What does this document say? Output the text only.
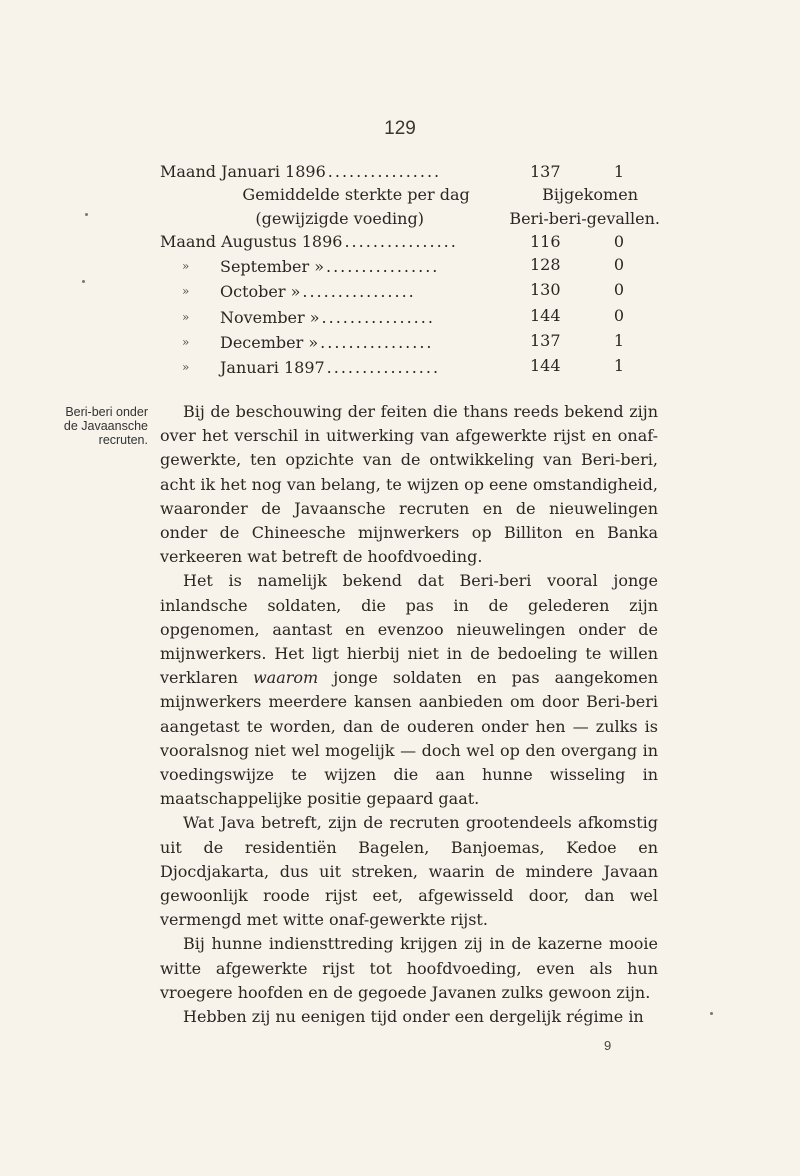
129
Maand Januari 1896 ................	137	1
Gemiddelde sterkte per dag	Bijgekomen
(gewijzigde voeding)	Beri-beri-gevallen.
Maand Augustus 1896 ................	116	0
»	September » ................	128	0
»	October » ................	130	0
»	November » ................	144	0
»	December » ................	137	1
»	Januari 1897 ................	144	1
Beri-beri onder
de Javaansche
recruten.

Bij de beschouwing der feiten die thans reeds bekend zijn over het verschil in uitwerking van afgewerkte rijst en onaf-gewerkte, ten opzichte van de ontwikkeling van Beri-beri, acht ik het nog van belang, te wijzen op eene omstandigheid, waaronder de Javaansche recruten en de nieuwelingen onder de Chineesche mijnwerkers op Billiton en Banka verkeeren wat betreft de hoofdvoeding.

Het is namelijk bekend dat Beri-beri vooral jonge inlandsche soldaten, die pas in de gelederen zijn opgenomen, aantast en evenzoo nieuwelingen onder de mijnwerkers. Het ligt hierbij niet in de bedoeling te willen verklaren waarom jonge soldaten en pas aangekomen mijnwerkers meerdere kansen aanbieden om door Beri-beri aangetast te worden, dan de ouderen onder hen — zulks is vooralsnog niet wel mogelijk — doch wel op den overgang in voedingswijze te wijzen die aan hunne wisseling in maatschappelijke positie gepaard gaat.

Wat Java betreft, zijn de recruten grootendeels afkomstig uit de residentiën Bagelen, Banjoemas, Kedoe en Djocdjakarta, dus uit streken, waarin de mindere Javaan gewoonlijk roode rijst eet, afgewisseld door, dan wel vermengd met witte onaf-gewerkte rijst.

Bij hunne indiensttreding krijgen zij in de kazerne mooie witte afgewerkte rijst tot hoofdvoeding, even als hun vroegere hoofden en de gegoede Javanen zulks gewoon zijn.

Hebben zij nu eenigen tijd onder een dergelijk régime in

9
